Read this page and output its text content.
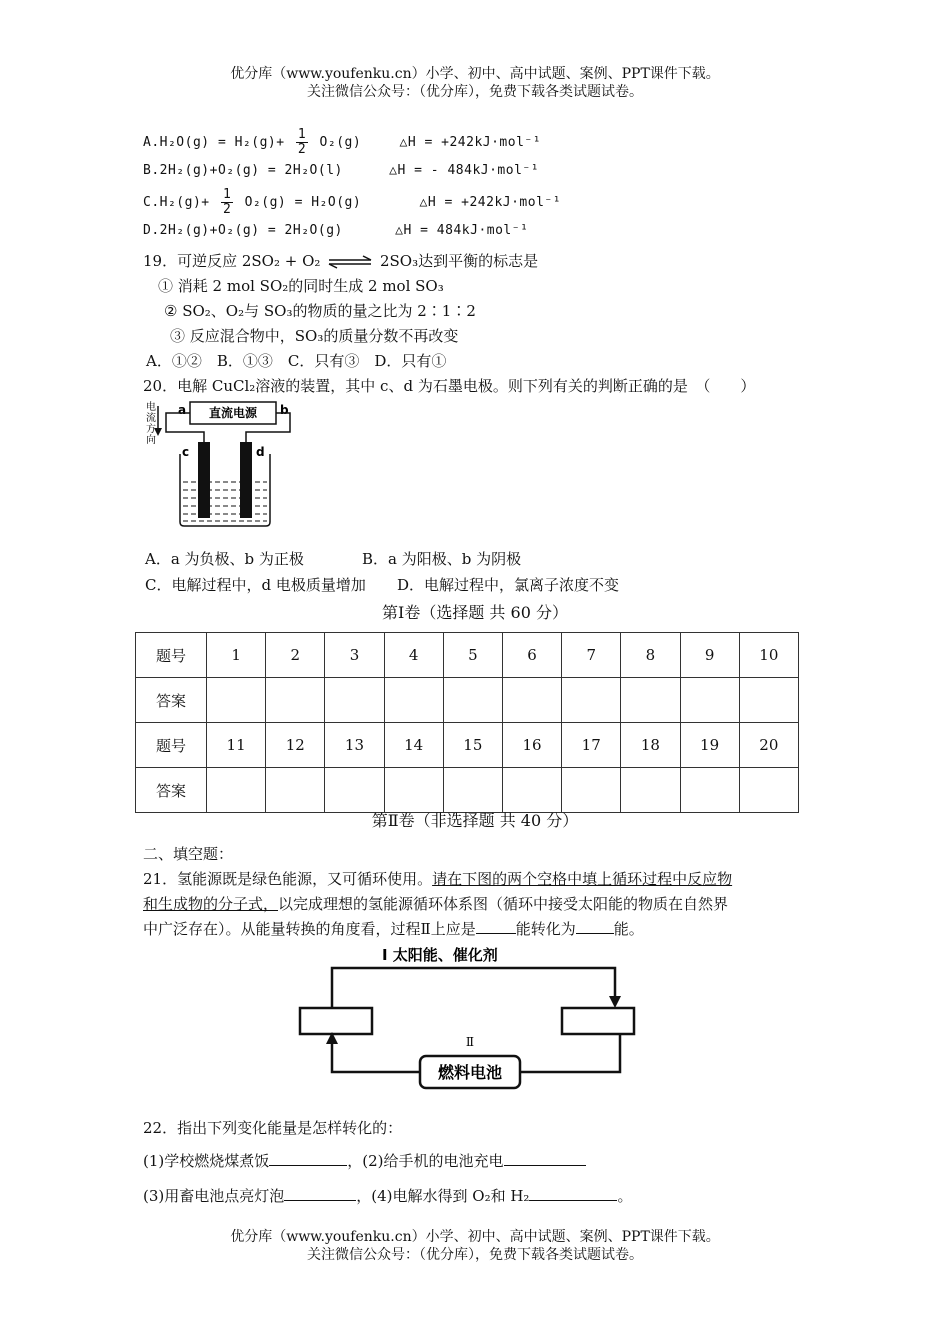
优分库（www.youfenku.cn）小学、初中、高中试题、案例、PPT课件下载。
关注微信公众号：（优分库），免费下载各类试题试卷。
$A.H_2O(g) = H_2(g)+ \frac{1}{2} O_2(g)$	△H = +242kJ·mol⁻¹
B.2H₂(g)+O₂(g) = 2H₂O(l)	△H = - 484kJ·mol⁻¹
$C.H_2(g)+ \frac{1}{2} O_2(g) = H_2O(g)$	△H = +242kJ·mol⁻¹
D.2H₂(g)+O₂(g) = 2H₂O(g)	△H = 484kJ·mol⁻¹
19．可逆反应 2SO₂ + O₂ ⇌ 2SO₃达到平衡的标志是
① 消耗 2 mol SO₂的同时生成 2 mol SO₃
② SO₂、O₂与 SO₃的物质的量之比为 2∶1∶2
③ 反应混合物中，SO₃的质量分数不再改变
A．①②　B．①③　C．只有③　D．只有①
20．电解 CuCl₂溶液的装置，其中 c、d 为石墨电极。则下列有关的判断正确的是　（　　）
电
流
方
向
直流电源
a	b
c	d
A．a 为负极、b 为正极	B．a 为阳极、b 为阴极
C．电解过程中，d 电极质量增加 D．电解过程中，氯离子浓度不变
第Ⅰ卷（选择题 共 60 分）
题号	1	2	3	4	5	6	7	8	9	10
答案										
题号	11	12	13	14	15	16	17	18	19	20
答案										
第Ⅱ卷（非选择题 共 40 分）
二、填空题：
21．氢能源既是绿色能源，又可循环使用。请在下图的两个空格中填上循环过程中反应物
和生成物的分子式，以完成理想的氢能源循环体系图（循环中接受太阳能的物质在自然界
中广泛存在）。从能量转换的角度看，过程Ⅱ上应是	能转化为	能。
Ⅰ 太阳能、催化剂
Ⅱ
燃料电池
22．指出下列变化能量是怎样转化的：
(1)学校燃烧煤煮饭	，(2)给手机的电池充电
(3)用畜电池点亮灯泡	，(4)电解水得到 O₂和 H₂	。
优分库（www.youfenku.cn）小学、初中、高中试题、案例、PPT课件下载。
关注微信公众号：（优分库），免费下载各类试题试卷。
